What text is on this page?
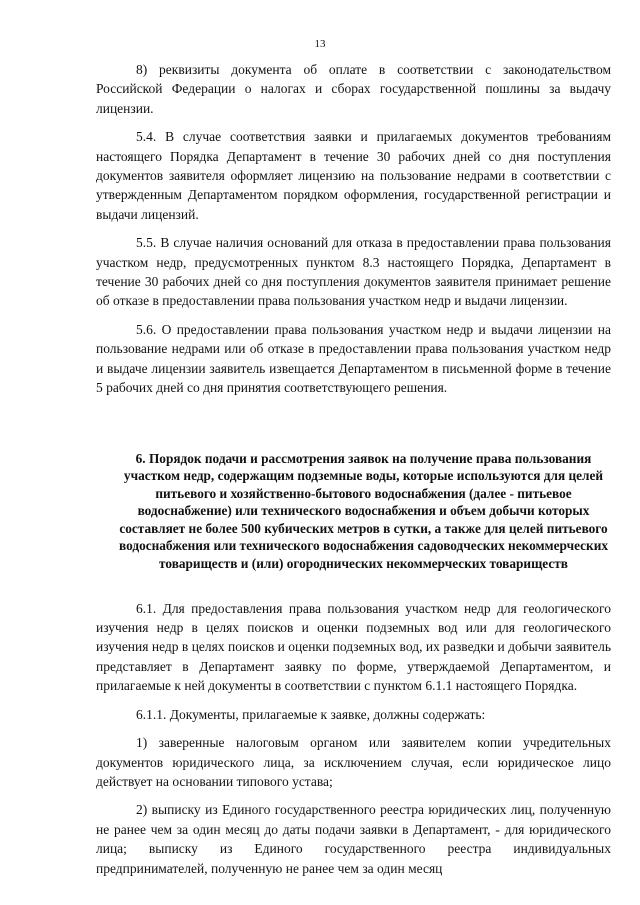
13

8) реквизиты документа об оплате в соответствии с законодательством Российской Федерации о налогах и сборах государственной пошлины за выдачу лицензии.

5.4. В случае соответствия заявки и прилагаемых документов требованиям настоящего Порядка Департамент в течение 30 рабочих дней со дня поступления документов заявителя оформляет лицензию на пользование недрами в соответствии с утвержденным Департаментом порядком оформления, государственной регистрации и выдачи лицензий.

5.5. В случае наличия оснований для отказа в предоставлении права пользования участком недр, предусмотренных пунктом 8.3 настоящего Порядка, Департамент в течение 30 рабочих дней со дня поступления документов заявителя принимает решение об отказе в предоставлении права пользования участком недр и выдачи лицензии.

5.6. О предоставлении права пользования участком недр и выдачи лицензии на пользование недрами или об отказе в предоставлении права пользования участком недр и выдаче лицензии заявитель извещается Департаментом в письменной форме в течение 5 рабочих дней со дня принятия соответствующего решения.

6. Порядок подачи и рассмотрения заявок на получение права пользования участком недр, содержащим подземные воды, которые используются для целей питьевого и хозяйственно-бытового водоснабжения (далее - питьевое водоснабжение) или технического водоснабжения и объем добычи которых составляет не более 500 кубических метров в сутки, а также для целей питьевого водоснабжения или технического водоснабжения садоводческих некоммерческих товариществ и (или) огороднических некоммерческих товариществ

6.1. Для предоставления права пользования участком недр для геологического изучения недр в целях поисков и оценки подземных вод или для геологического изучения недр в целях поисков и оценки подземных вод, их разведки и добычи заявитель представляет в Департамент заявку по форме, утверждаемой Департаментом, и прилагаемые к ней документы в соответствии с пунктом 6.1.1 настоящего Порядка.

6.1.1. Документы, прилагаемые к заявке, должны содержать:

1) заверенные налоговым органом или заявителем копии учредительных документов юридического лица, за исключением случая, если юридическое лицо действует на основании типового устава;

2) выписку из Единого государственного реестра юридических лиц, полученную не ранее чем за один месяц до даты подачи заявки в Департамент, - для юридического лица; выписку из Единого государственного реестра индивидуальных предпринимателей, полученную не ранее чем за один месяц
